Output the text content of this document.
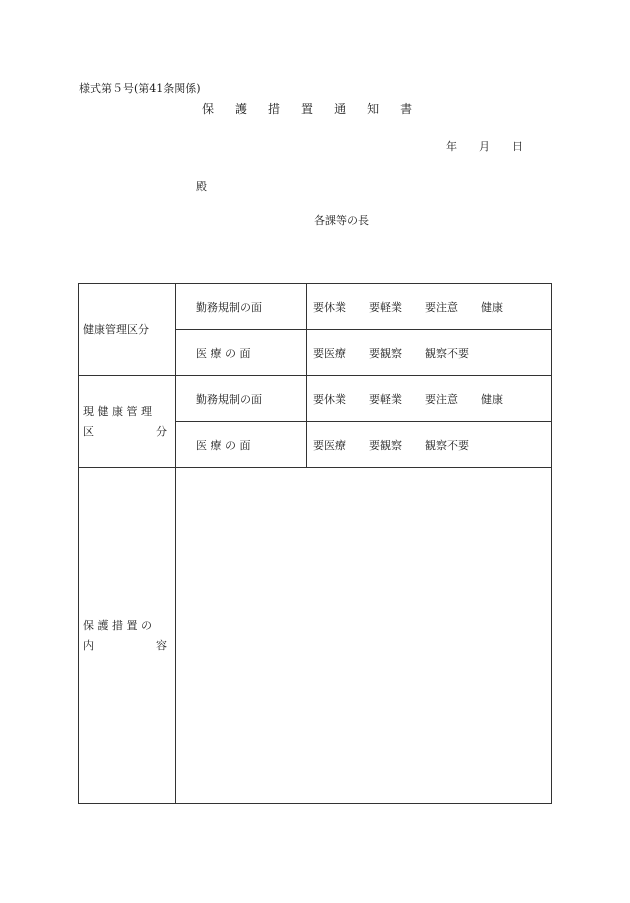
様式第５号(第41条関係)
保 護 措 置 通 知 書
年 月 日
殿
各課等の長
健康管理区分	勤務規制の面	要休業 要軽業 要注意 健康
	医 療 の 面	要医療 要観察 観察不要

現 健 康 管 理
区 分	勤務規制の面	要休業 要軽業 要注意 健康
	医 療 の 面	要医療 要観察 観察不要

保 護 措 置 の
内 容		
